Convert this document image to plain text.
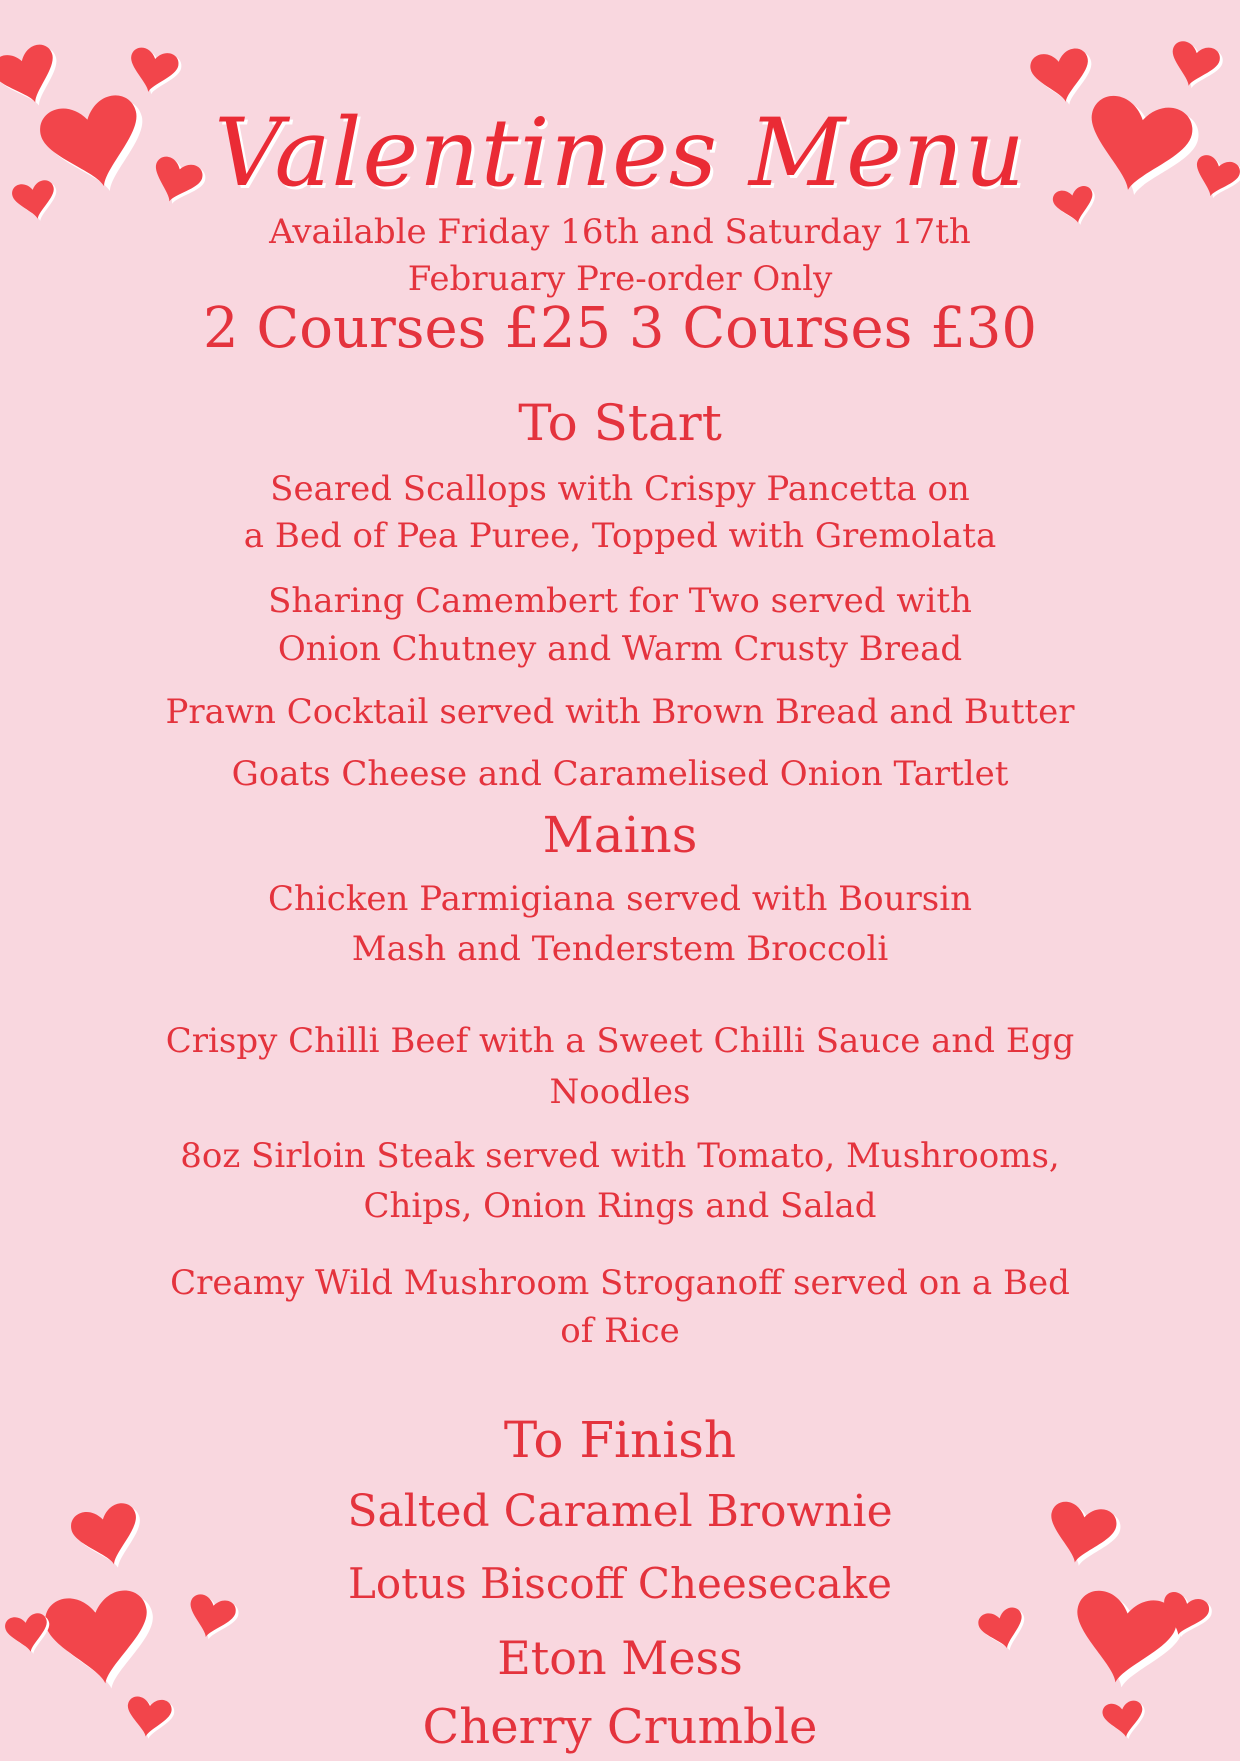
Valentines Menu
Available Friday 16th and Saturday 17th
February Pre-order Only
2 Courses £25 3 Courses £30
To Start
Seared Scallops with Crispy Pancetta on
a Bed of Pea Puree, Topped with Gremolata
Sharing Camembert for Two served with
Onion Chutney and Warm Crusty Bread
Prawn Cocktail served with Brown Bread and Butter
Goats Cheese and Caramelised Onion Tartlet
Mains
Chicken Parmigiana served with Boursin
Mash and Tenderstem Broccoli
Crispy Chilli Beef with a Sweet Chilli Sauce and Egg
Noodles
8oz Sirloin Steak served with Tomato, Mushrooms,
Chips, Onion Rings and Salad
Creamy Wild Mushroom Stroganoff served on a Bed
of Rice
To Finish
Salted Caramel Brownie
Lotus Biscoff Cheesecake
Eton Mess
Cherry Crumble
